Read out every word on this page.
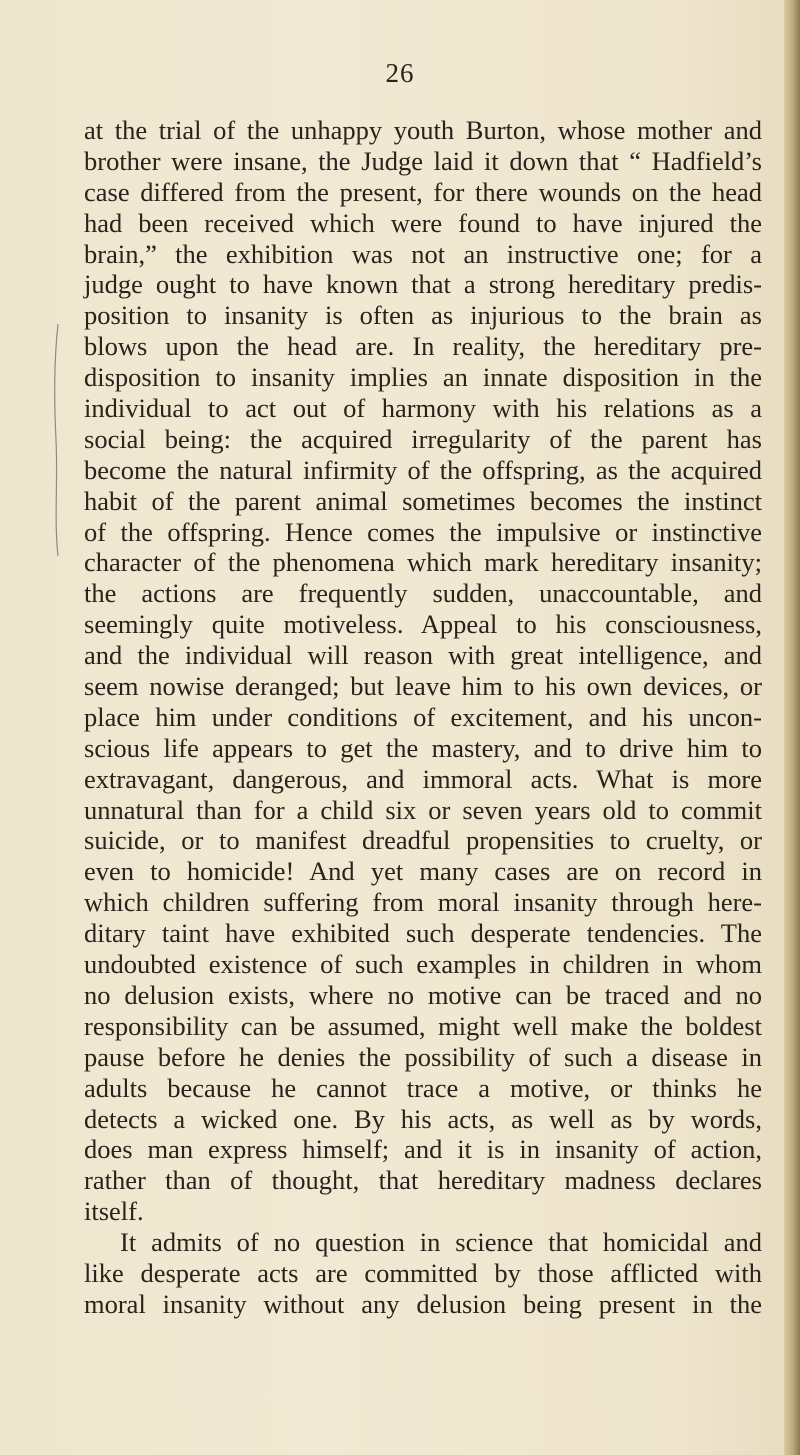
26
at the trial of the unhappy youth Burton, whose mother and
brother were insane, the Judge laid it down that “ Hadfield’s
case differed from the present, for there wounds on the head
had been received which were found to have injured the
brain,” the exhibition was not an instructive one; for a
judge ought to have known that a strong hereditary predis-
position to insanity is often as injurious to the brain as
blows upon the head are. In reality, the hereditary pre-
disposition to insanity implies an innate disposition in the
individual to act out of harmony with his relations as a
social being: the acquired irregularity of the parent has
become the natural infirmity of the offspring, as the acquired
habit of the parent animal sometimes becomes the instinct
of the offspring. Hence comes the impulsive or instinctive
character of the phenomena which mark hereditary insanity;
the actions are frequently sudden, unaccountable, and
seemingly quite motiveless. Appeal to his consciousness,
and the individual will reason with great intelligence, and
seem nowise deranged; but leave him to his own devices, or
place him under conditions of excitement, and his uncon-
scious life appears to get the mastery, and to drive him to
extravagant, dangerous, and immoral acts. What is more
unnatural than for a child six or seven years old to commit
suicide, or to manifest dreadful propensities to cruelty, or
even to homicide! And yet many cases are on record in
which children suffering from moral insanity through here-
ditary taint have exhibited such desperate tendencies. The
undoubted existence of such examples in children in whom
no delusion exists, where no motive can be traced and no
responsibility can be assumed, might well make the boldest
pause before he denies the possibility of such a disease in
adults because he cannot trace a motive, or thinks he
detects a wicked one. By his acts, as well as by words,
does man express himself; and it is in insanity of action,
rather than of thought, that hereditary madness declares
itself.
It admits of no question in science that homicidal and
like desperate acts are committed by those afflicted with
moral insanity without any delusion being present in the
